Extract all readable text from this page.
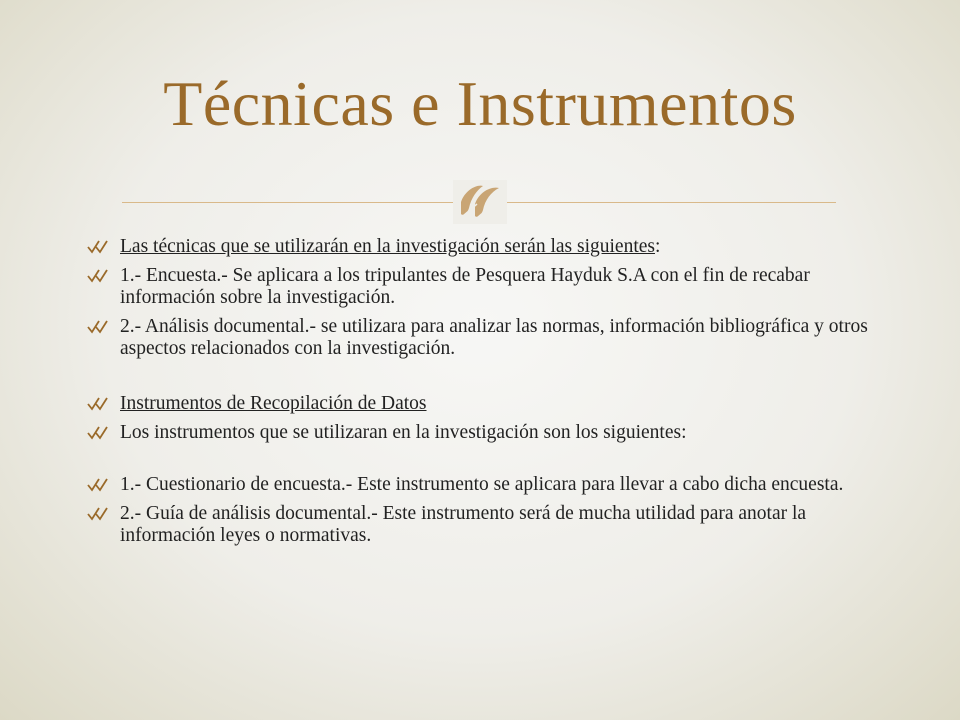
Técnicas e Instrumentos
Las técnicas que se utilizarán en la investigación serán las siguientes:
1.- Encuesta.- Se aplicara a los tripulantes de Pesquera Hayduk S.A con el fin de recabar información sobre la investigación.
2.- Análisis documental.- se utilizara para analizar las normas, información bibliográfica y otros aspectos relacionados con la investigación.
Instrumentos de Recopilación de Datos
Los instrumentos que se utilizaran en la investigación son los siguientes:
1.- Cuestionario de encuesta.- Este instrumento se aplicara para llevar a cabo dicha encuesta.
2.- Guía de análisis documental.- Este instrumento será de mucha utilidad para anotar la información leyes o normativas.
